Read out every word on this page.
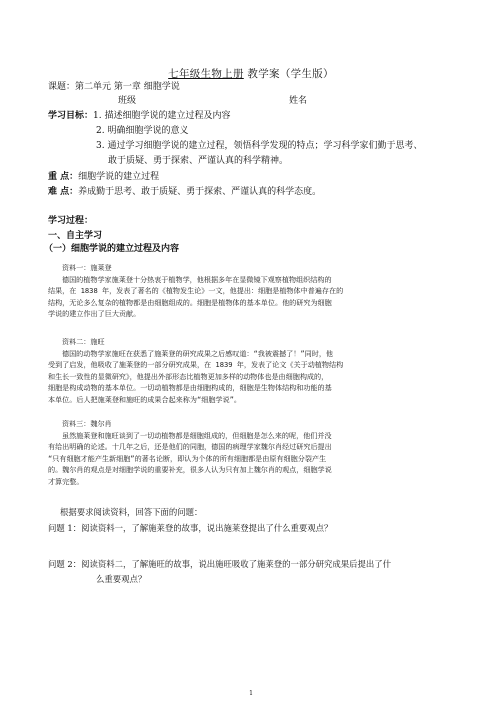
七年级生物上册 教学案（学生版）
课题：第二单元 第一章 细胞学说
班级	姓名
学习目标：1. 描述细胞学说的建立过程及内容
2. 明确细胞学说的意义
3. 通过学习细胞学说的建立过程，领悟科学发现的特点；学习科学家们勤于思考、
敢于质疑、勇于探索、严谨认真的科学精神。
重 点：细胞学说的建立过程
难 点：养成勤于思考、敢于质疑、勇于探索、严谨认真的科学态度。
学习过程：
一、自主学习
（一）细胞学说的建立过程及内容
资料一：施莱登
德国的植物学家施莱登十分热衷于植物学，他根据多年在显微镜下观察植物组织结构的
结果，在 1838 年，发表了著名的《植物发生论》一文，他提出：细胞是植物体中普遍存在的
结构，无论多么复杂的植物都是由细胞组成的。细胞是植物体的基本单位。他的研究为细胞
学说的建立作出了巨大贡献。
资料二：施旺
德国的动物学家施旺在获悉了施莱登的研究成果之后感叹道：“我被震撼了！”同时，他
受到了启发，他吸收了施莱登的一部分研究成果，在 1839 年，发表了论文《关于动植物结构
和生长一致性的显微研究》，他提出外部形态比植物更加多样的动物体也是由细胞构成的，
细胞是构成动物的基本单位。一切动植物都是由细胞构成的，细胞是生物体结构和功能的基
本单位。后人把施莱登和施旺的成果合起来称为“细胞学说”。
资料三：魏尔肖
虽然施莱登和施旺谈到了一切动植物都是细胞组成的，但细胞是怎么来的呢，他们并没
有给出明确的论述。十几年之后，还是他们的同胞，德国的病理学家魏尔肖经过研究后提出
“只有细胞才能产生新细胞”的著名论断，即认为个体的所有细胞都是由原有细胞分裂产生
的。魏尔肖的观点是对细胞学说的重要补充，很多人认为只有加上魏尔肖的观点，细胞学说
才算完整。
根据要求阅读资料，回答下面的问题：
问题 1：阅读资料一，了解施莱登的故事，说出施莱登提出了什么重要观点？
问题 2：阅读资料二，了解施旺的故事，说出施旺吸收了施莱登的一部分研究成果后提出了什
么重要观点？
1
